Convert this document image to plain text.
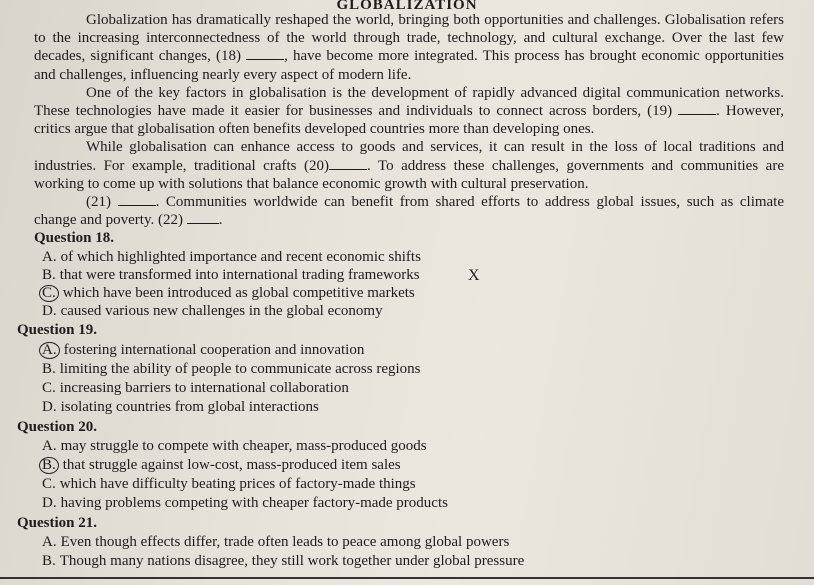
GLOBALIZATION

Globalization has dramatically reshaped the world, bringing both opportunities and challenges. Globalisation refers to the increasing interconnectedness of the world through trade, technology, and cultural exchange. Over the last few decades, significant changes, (18)	, have become more integrated. This process has brought economic opportunities and challenges, influencing nearly every aspect of modern life.

One of the key factors in globalisation is the development of rapidly advanced digital communication networks. These technologies have made it easier for businesses and individuals to connect across borders, (19)	. However, critics argue that globalisation often benefits developed countries more than developing ones.

While globalisation can enhance access to goods and services, it can result in the loss of local traditions and industries. For example, traditional crafts (20)	. To address these challenges, governments and communities are working to come up with solutions that balance economic growth with cultural preservation.

(21)	. Communities worldwide can benefit from shared efforts to address global issues, such as climate change and poverty. (22) .

Question 18.
A. of which highlighted importance and recent economic shifts
B. that were transformed into international trading frameworks	X
C. which have been introduced as global competitive markets
D. caused various new challenges in the global economy
Question 19.
A. fostering international cooperation and innovation
B. limiting the ability of people to communicate across regions
C. increasing barriers to international collaboration
D. isolating countries from global interactions
Question 20.
A. may struggle to compete with cheaper, mass-produced goods
B. that struggle against low-cost, mass-produced item sales
C. which have difficulty beating prices of factory-made things
D. having problems competing with cheaper factory-made products
Question 21.
A. Even though effects differ, trade often leads to peace among global powers
B. Though many nations disagree, they still work together under global pressure
